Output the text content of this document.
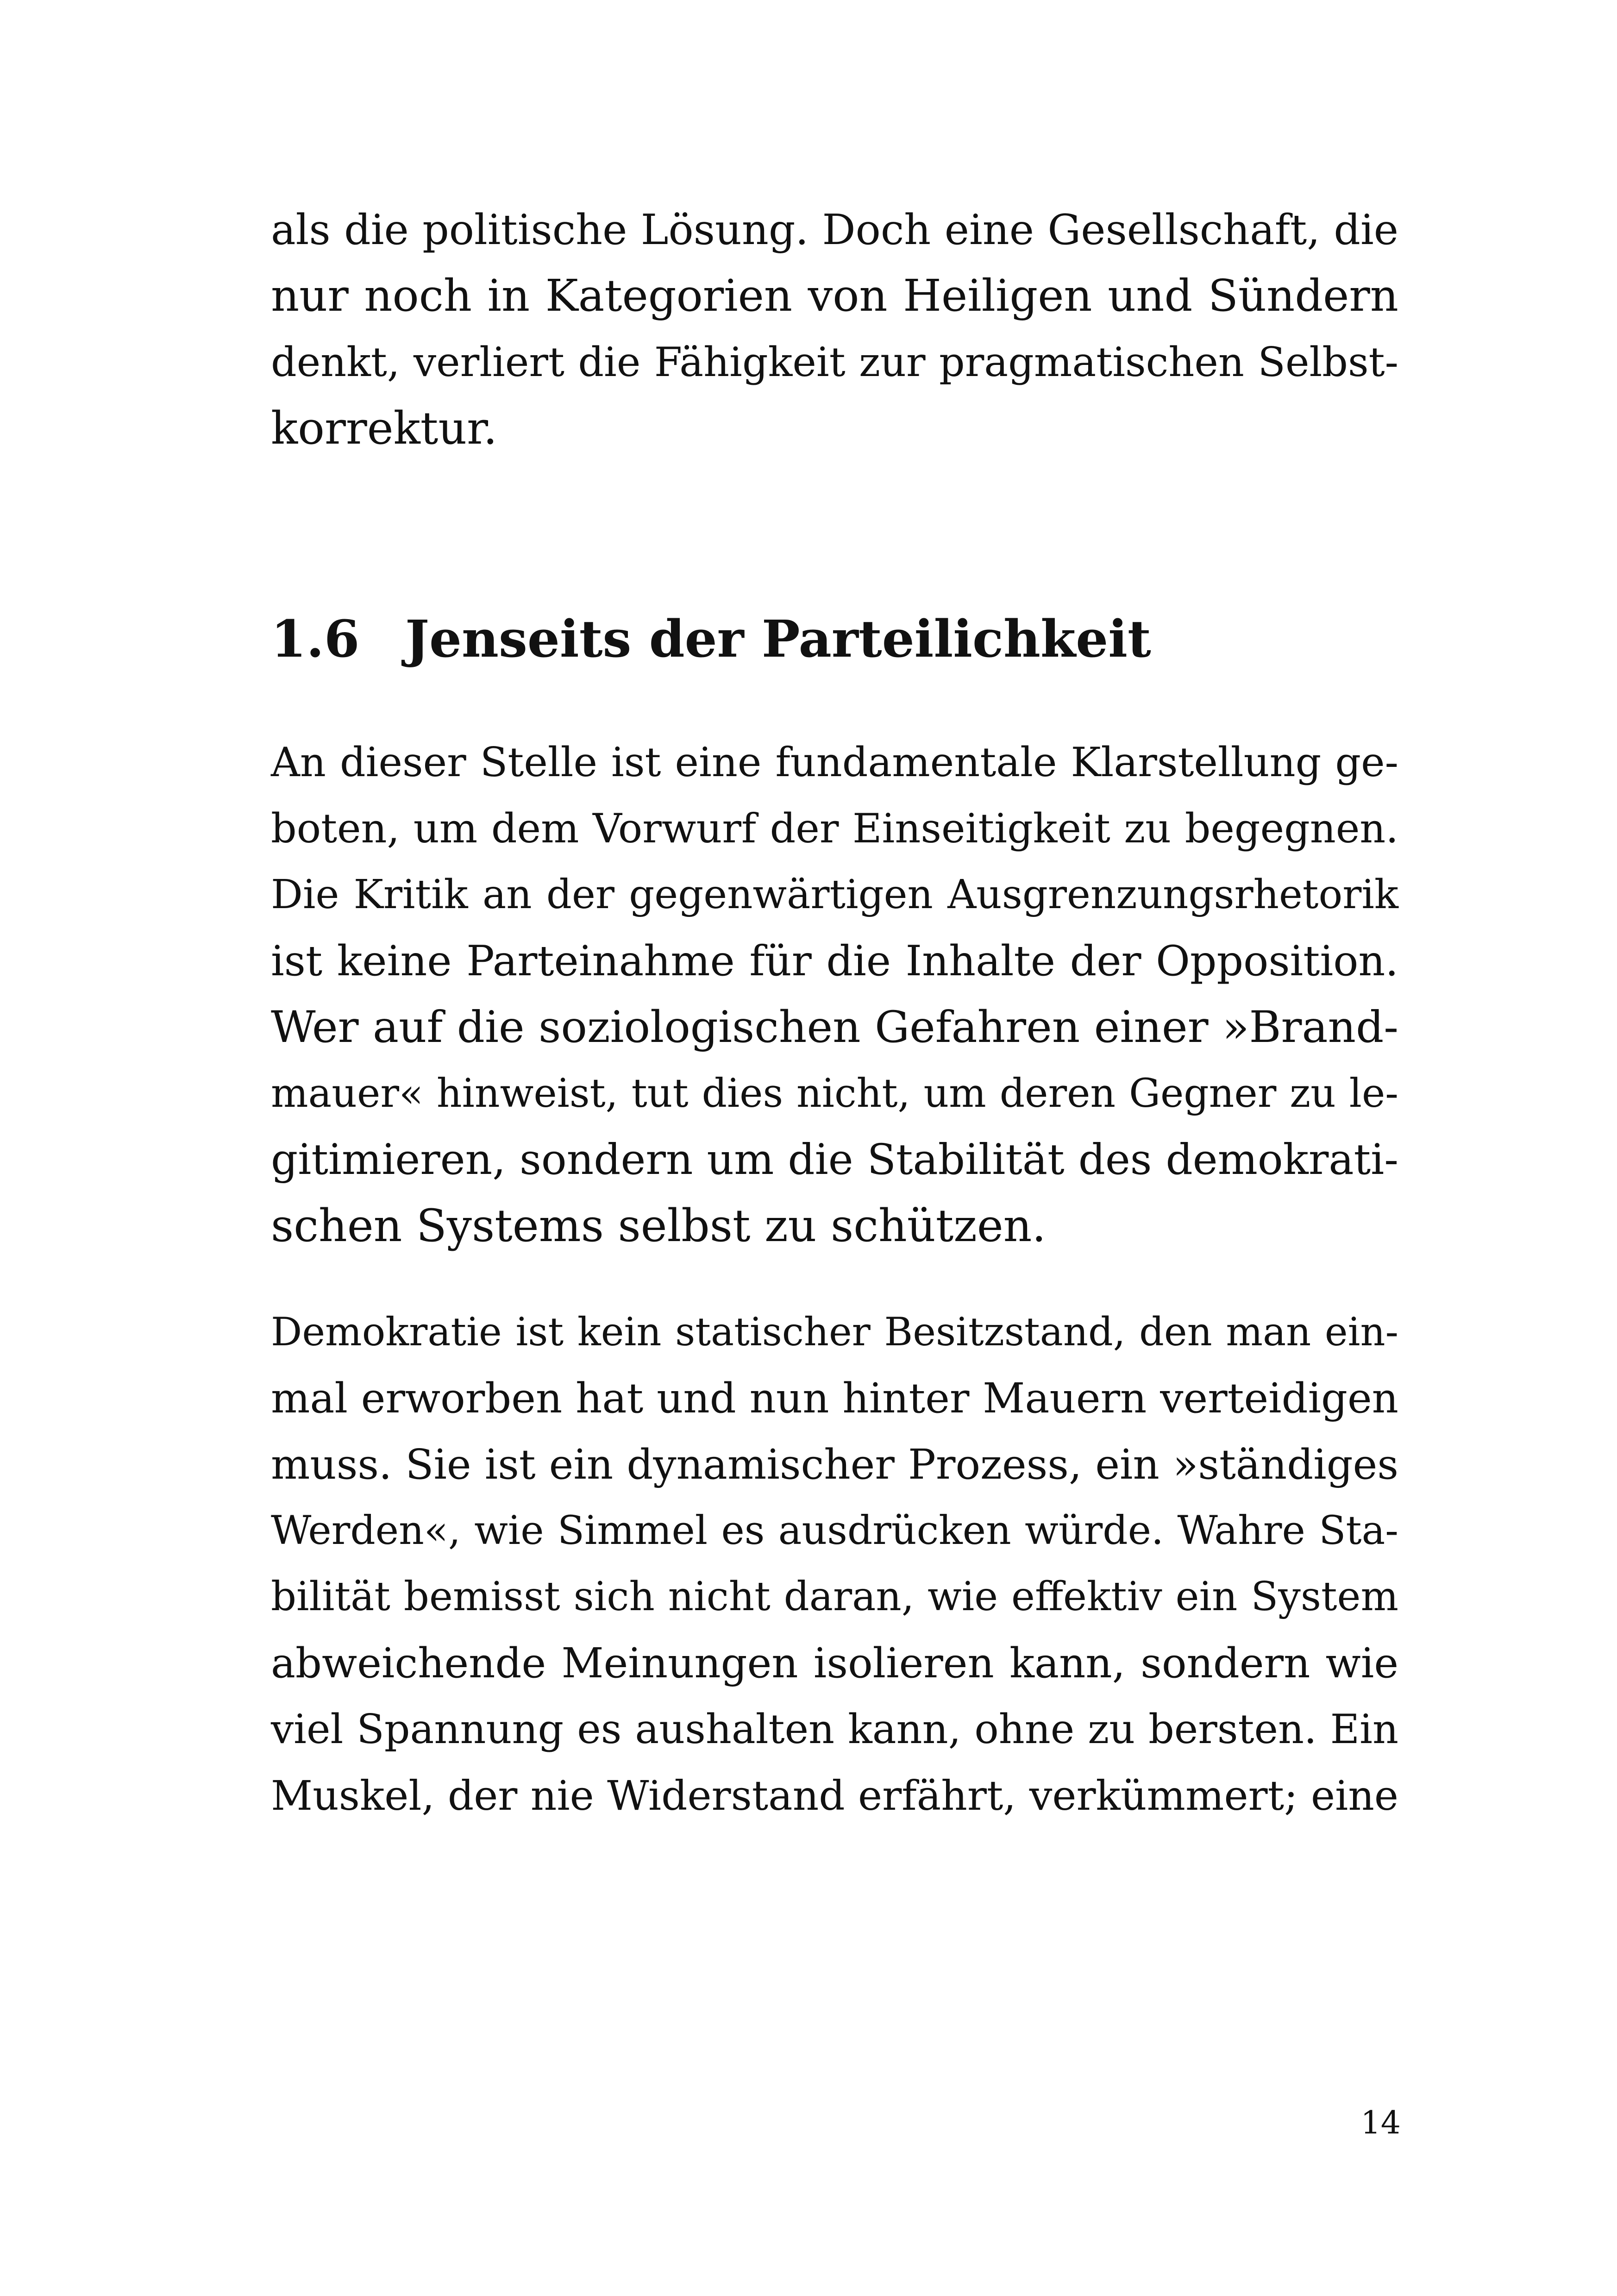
als die politische Lösung. Doch eine Gesellschaft, die
nur noch in Kategorien von Heiligen und Sündern
denkt, verliert die Fähigkeit zur pragmatischen Selbst-
korrektur.
1.6 Jenseits der Parteilichkeit
An dieser Stelle ist eine fundamentale Klarstellung ge-
boten, um dem Vorwurf der Einseitigkeit zu begegnen.
Die Kritik an der gegenwärtigen Ausgrenzungsrhetorik
ist keine Parteinahme für die Inhalte der Opposition.
Wer auf die soziologischen Gefahren einer »Brand-
mauer« hinweist, tut dies nicht, um deren Gegner zu le-
gitimieren, sondern um die Stabilität des demokrati-
schen Systems selbst zu schützen.
Demokratie ist kein statischer Besitzstand, den man ein-
mal erworben hat und nun hinter Mauern verteidigen
muss. Sie ist ein dynamischer Prozess, ein »ständiges
Werden«, wie Simmel es ausdrücken würde. Wahre Sta-
bilität bemisst sich nicht daran, wie effektiv ein System
abweichende Meinungen isolieren kann, sondern wie
viel Spannung es aushalten kann, ohne zu bersten. Ein
Muskel, der nie Widerstand erfährt, verkümmert; eine
14
